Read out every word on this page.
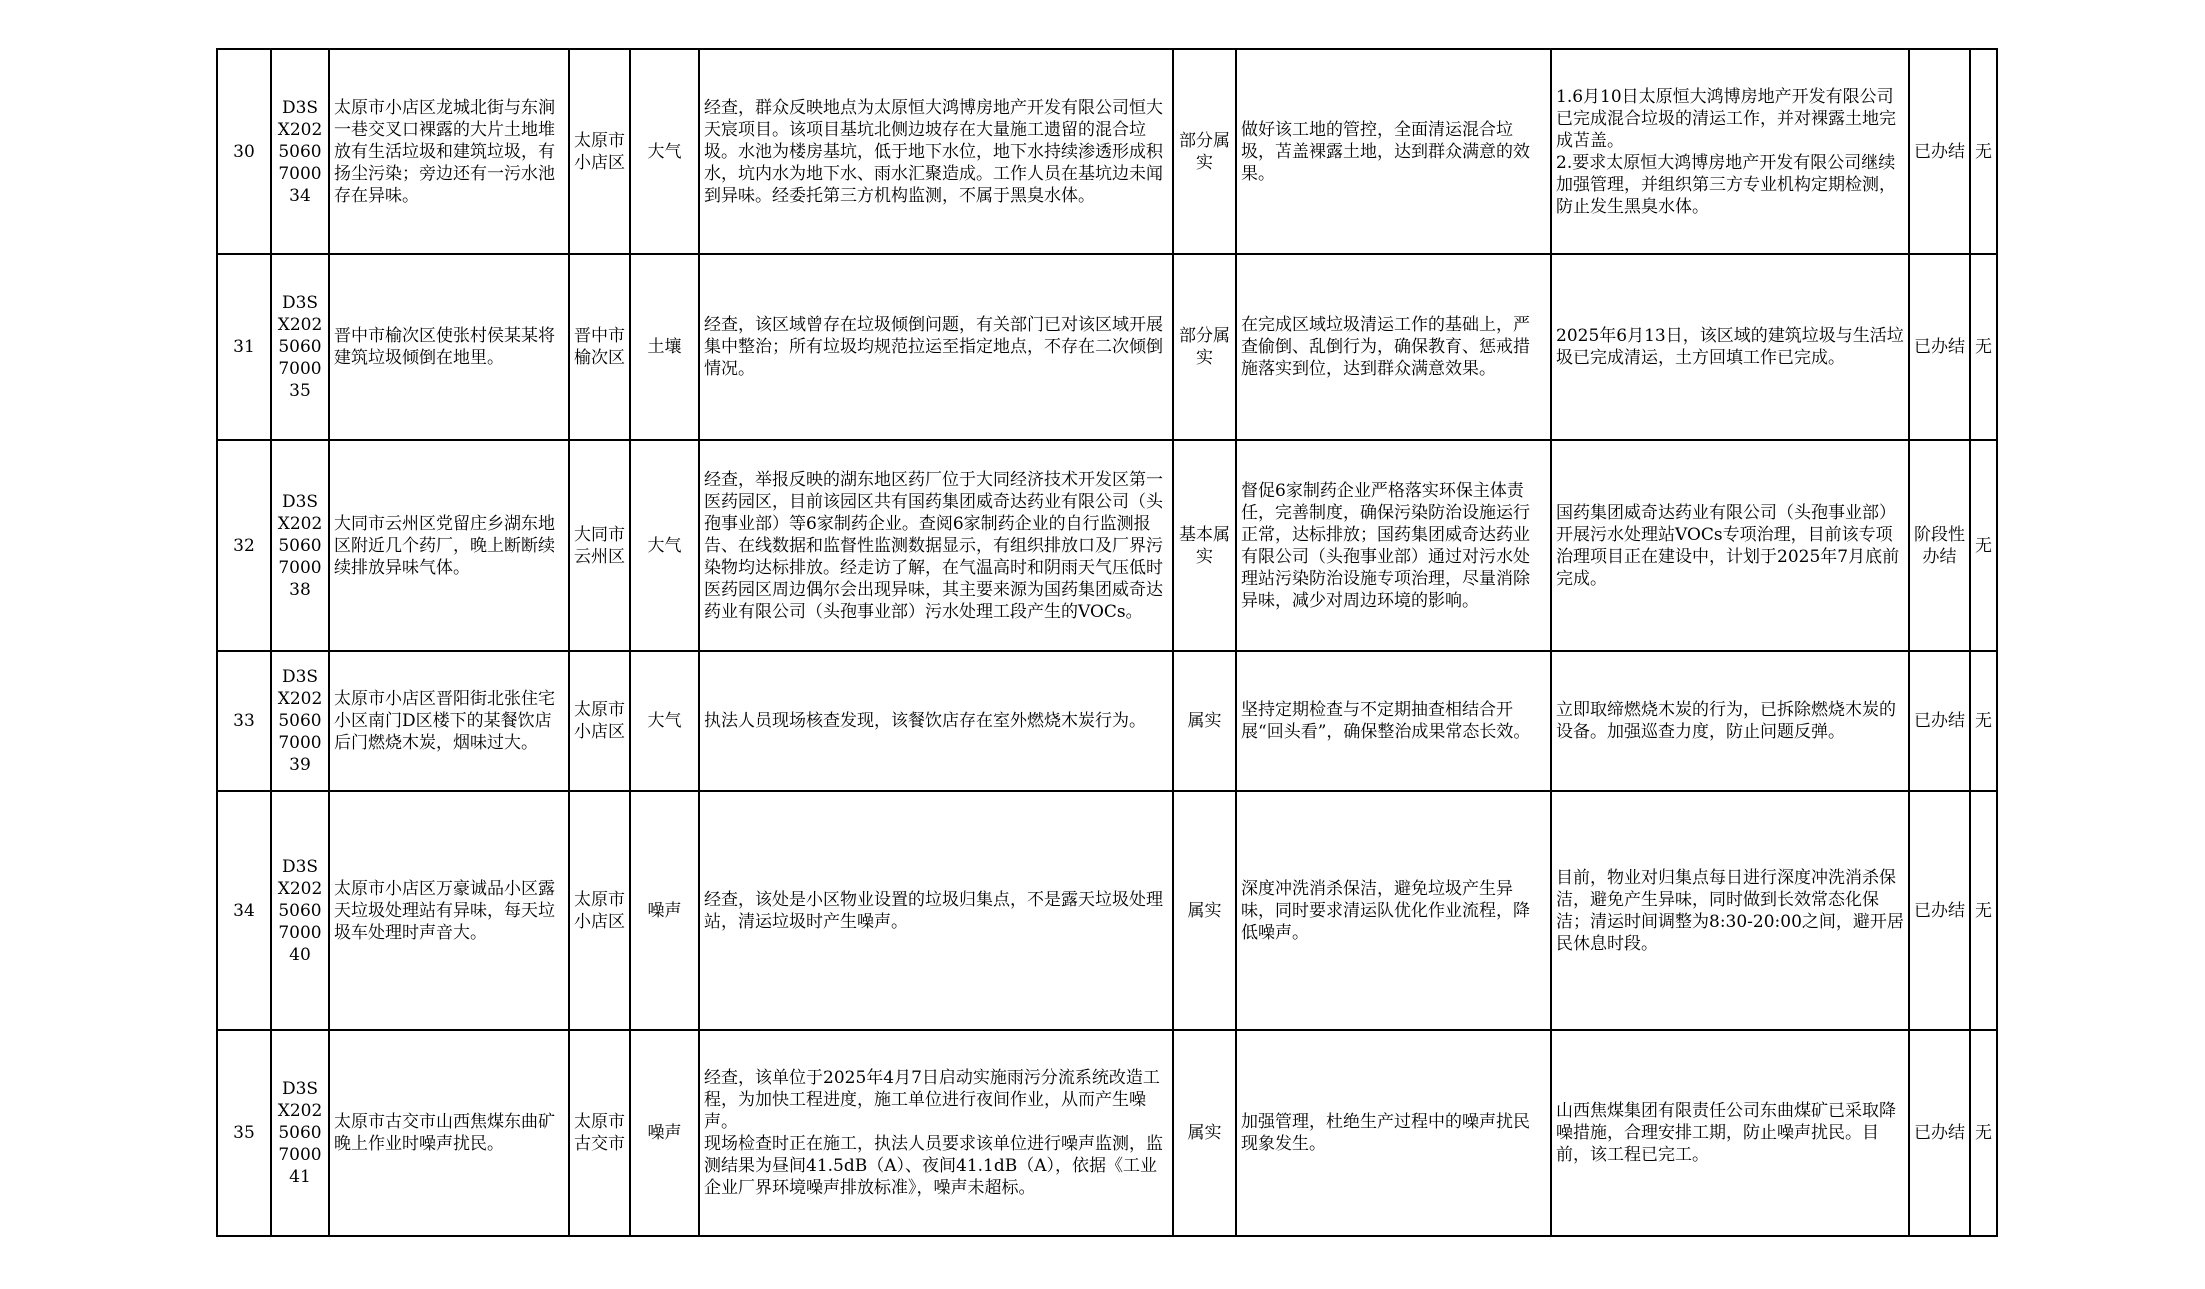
30	D3SX2025060700034	太原市小店区龙城北街与东涧一巷交叉口裸露的大片土地堆放有生活垃圾和建筑垃圾，有扬尘污染；旁边还有一污水池存在异味。	太原市小店区	大气	经查，群众反映地点为太原恒大鸿博房地产开发有限公司恒大天宸项目。该项目基坑北侧边坡存在大量施工遗留的混合垃圾。水池为楼房基坑，低于地下水位，地下水持续渗透形成积水，坑内水为地下水、雨水汇聚造成。工作人员在基坑边未闻到异味。经委托第三方机构监测，不属于黑臭水体。	部分属实	做好该工地的管控，全面清运混合垃圾，苫盖裸露土地，达到群众满意的效果。	1.6月10日太原恒大鸿博房地产开发有限公司已完成混合垃圾的清运工作，并对裸露土地完成苫盖。
2.要求太原恒大鸿博房地产开发有限公司继续加强管理，并组织第三方专业机构定期检测，防止发生黑臭水体。	已办结	无
31	D3SX2025060700035	晋中市榆次区使张村侯某某将建筑垃圾倾倒在地里。	晋中市榆次区	土壤	经查，该区域曾存在垃圾倾倒问题，有关部门已对该区域开展集中整治；所有垃圾均规范拉运至指定地点，不存在二次倾倒情况。	部分属实	在完成区域垃圾清运工作的基础上，严查偷倒、乱倒行为，确保教育、惩戒措施落实到位，达到群众满意效果。	2025年6月13日，该区域的建筑垃圾与生活垃圾已完成清运，土方回填工作已完成。	已办结	无
32	D3SX2025060700038	大同市云州区党留庄乡湖东地区附近几个药厂，晚上断断续续排放异味气体。	大同市云州区	大气	经查，举报反映的湖东地区药厂位于大同经济技术开发区第一医药园区，目前该园区共有国药集团威奇达药业有限公司（头孢事业部）等6家制药企业。查阅6家制药企业的自行监测报告、在线数据和监督性监测数据显示，有组织排放口及厂界污染物均达标排放。经走访了解，在气温高时和阴雨天气压低时医药园区周边偶尔会出现异味，其主要来源为国药集团威奇达药业有限公司（头孢事业部）污水处理工段产生的VOCs。	基本属实	督促6家制药企业严格落实环保主体责任，完善制度，确保污染防治设施运行正常，达标排放；国药集团威奇达药业有限公司（头孢事业部）通过对污水处理站污染防治设施专项治理，尽量消除异味，减少对周边环境的影响。	国药集团威奇达药业有限公司（头孢事业部）开展污水处理站VOCs专项治理，目前该专项治理项目正在建设中，计划于2025年7月底前完成。	阶段性办结	无
33	D3SX2025060700039	太原市小店区晋阳街北张住宅小区南门D区楼下的某餐饮店后门燃烧木炭，烟味过大。	太原市小店区	大气	执法人员现场核查发现，该餐饮店存在室外燃烧木炭行为。	属实	坚持定期检查与不定期抽查相结合开展“回头看”，确保整治成果常态长效。	立即取缔燃烧木炭的行为，已拆除燃烧木炭的设备。加强巡查力度，防止问题反弹。	已办结	无
34	D3SX2025060700040	太原市小店区万豪诚品小区露天垃圾处理站有异味，每天垃圾车处理时声音大。	太原市小店区	噪声	经查，该处是小区物业设置的垃圾归集点，不是露天垃圾处理站，清运垃圾时产生噪声。	属实	深度冲洗消杀保洁，避免垃圾产生异味，同时要求清运队优化作业流程，降低噪声。	目前，物业对归集点每日进行深度冲洗消杀保洁，避免产生异味，同时做到长效常态化保洁；清运时间调整为8:30-20:00之间，避开居民休息时段。	已办结	无
35	D3SX2025060700041	太原市古交市山西焦煤东曲矿晚上作业时噪声扰民。	太原市古交市	噪声	经查，该单位于2025年4月7日启动实施雨污分流系统改造工程，为加快工程进度，施工单位进行夜间作业，从而产生噪声。
现场检查时正在施工，执法人员要求该单位进行噪声监测，监测结果为昼间41.5dB（A）、夜间41.1dB（A），依据《工业企业厂界环境噪声排放标准》，噪声未超标。	属实	加强管理，杜绝生产过程中的噪声扰民现象发生。	山西焦煤集团有限责任公司东曲煤矿已采取降噪措施，合理安排工期，防止噪声扰民。目前，该工程已完工。	已办结	无
